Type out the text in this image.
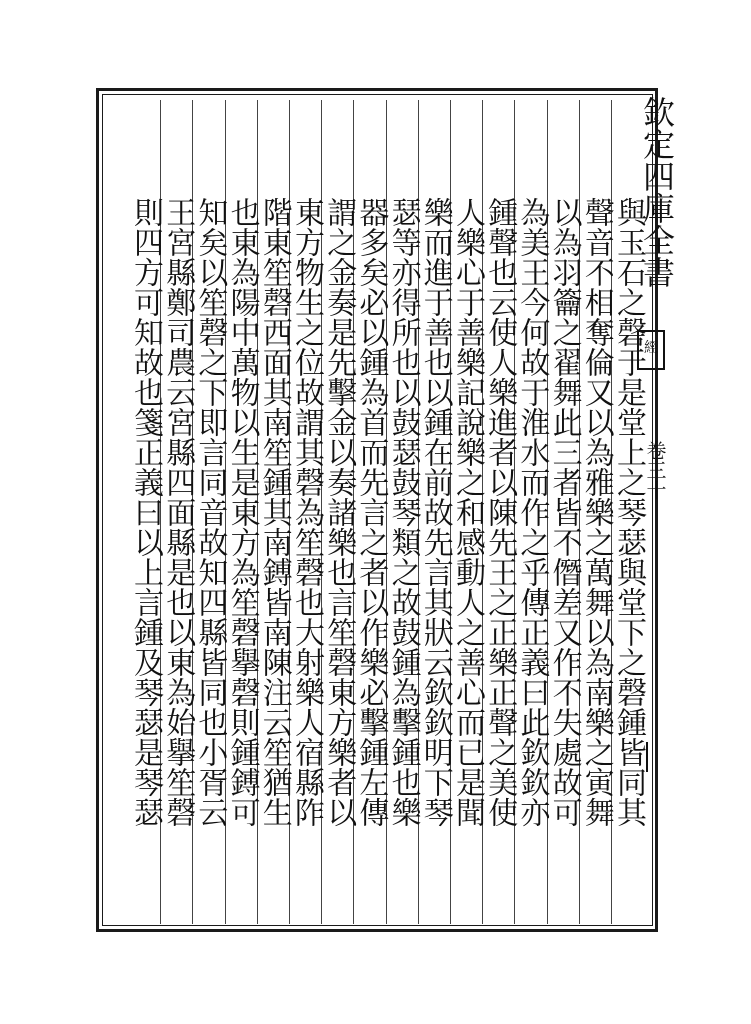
欽定四庫全書
經
卷三十
與玉石之磬于是堂上之琴瑟與堂下之磬鍾皆同其
聲音不相奪倫又以為雅樂之萬舞以為南樂之寅舞
以為羽籥之翟舞此三者皆不僭差又作不失處故可
為美王今何故于淮水而作之乎傳正義曰此欽欽亦
鍾聲也云使人樂進者以陳先王之正樂正聲之美使
人樂心于善樂記說樂之和感動人之善心而已是聞
樂而進于善也以鍾在前故先言其狀云欽欽明下琴
瑟等亦得所也以鼓瑟鼓琴類之故鼓鍾為擊鍾也樂
器多矣必以鍾為首而先言之者以作樂必擊鍾左傳
謂之金奏是先擊金以奏諸樂也言笙磬東方樂者以
東方物生之位故謂其磬為笙磬也大射樂人宿縣阼
階東笙磬西面其南笙鍾其南鎛皆南陳注云笙猶生
也東為陽中萬物以生是東方為笙磬擧磬則鍾鎛可
知矣以笙磬之下即言同音故知四縣皆同也小胥云
王宮縣鄭司農云宮縣四面縣是也以東為始擧笙磬
則四方可知故也箋正義曰以上言鍾及琴瑟是琴瑟
